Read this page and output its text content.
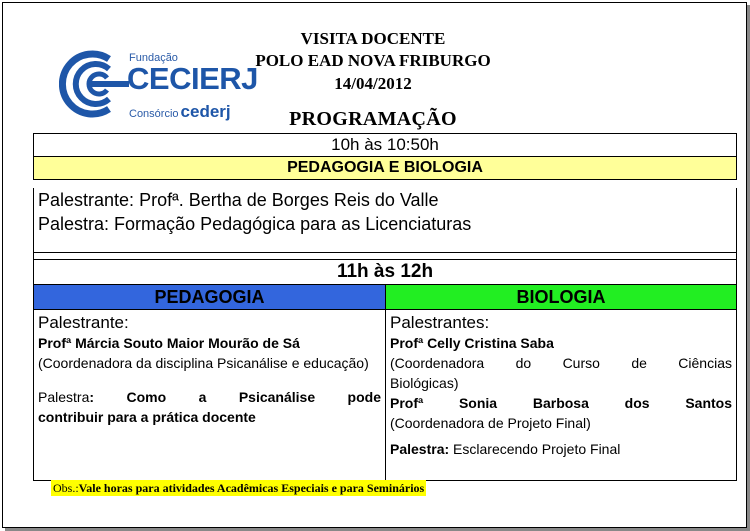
Fundação
CECIERJ
Consórcio cederj
VISITA DOCENTE
POLO EAD NOVA FRIBURGO
14/04/2012
PROGRAMAÇÃO
10h às 10:50h
PEDAGOGIA E BIOLOGIA
Palestrante: Profª. Bertha de Borges Reis do Valle
Palestra: Formação Pedagógica para as Licenciaturas
11h às 12h
PEDAGOGIA	BIOLOGIA
Palestrante:
Profª Márcia Souto Maior Mourão de Sá
(Coordenadora da disciplina Psicanálise e educação)
Palestra: Como a Psicanálise pode
contribuir para a prática docente
Palestrantes:
Profª Celly Cristina Saba
(Coordenadora do Curso de Ciências
Biológicas)
Profª Sonia Barbosa dos Santos
(Coordenadora de Projeto Final)
Palestra: Esclarecendo Projeto Final
Obs.:Vale horas para atividades Acadêmicas Especiais e para Seminários
